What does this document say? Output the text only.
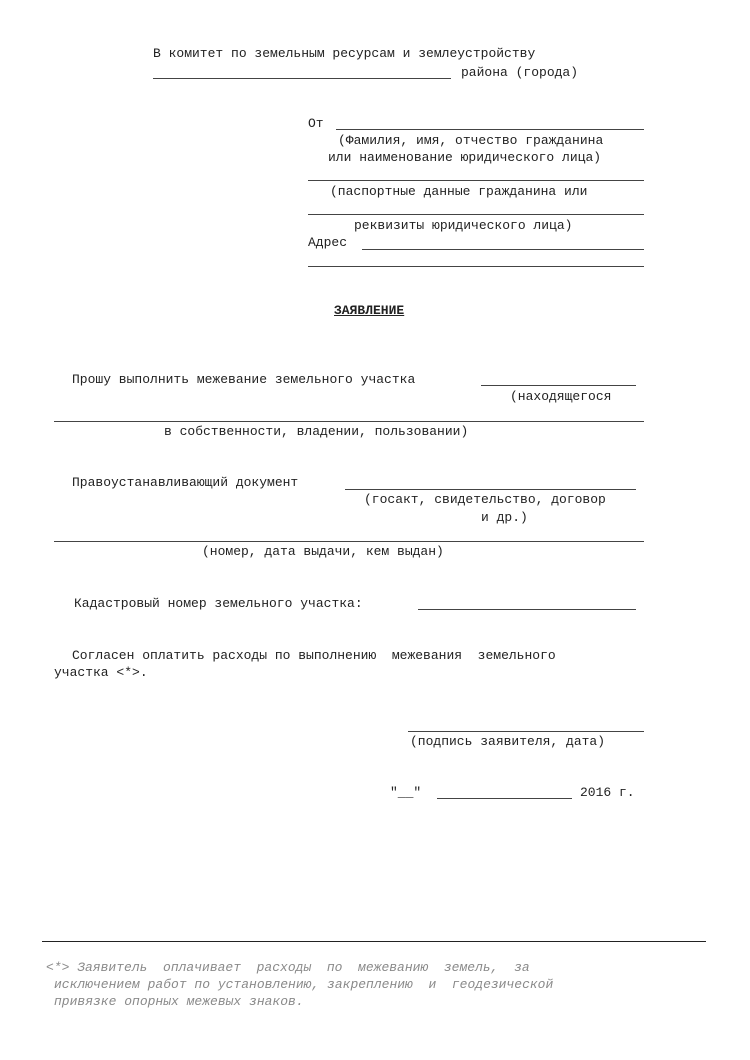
В комитет по земельным ресурсам и землеустройству
района (города)
От
(Фамилия, имя, отчество гражданина
или наименование юридического лица)
(паспортные данные гражданина или
реквизиты юридического лица)
Адрес
ЗАЯВЛЕНИЕ
Прошу выполнить межевание земельного участка
(находящегося
в собственности, владении, пользовании)
Правоустанавливающий документ
(госакт, свидетельство, договор
и др.)
(номер, дата выдачи, кем выдан)
Кадастровый номер земельного участка:
Согласен оплатить расходы по выполнению  межевания  земельного
участка <*>.
(подпись заявителя, дата)
"__"	2016 г.
<*> Заявитель  оплачивает  расходы  по  межеванию  земель,  за
исключением работ по установлению, закреплению  и  геодезической
привязке опорных межевых знаков.
